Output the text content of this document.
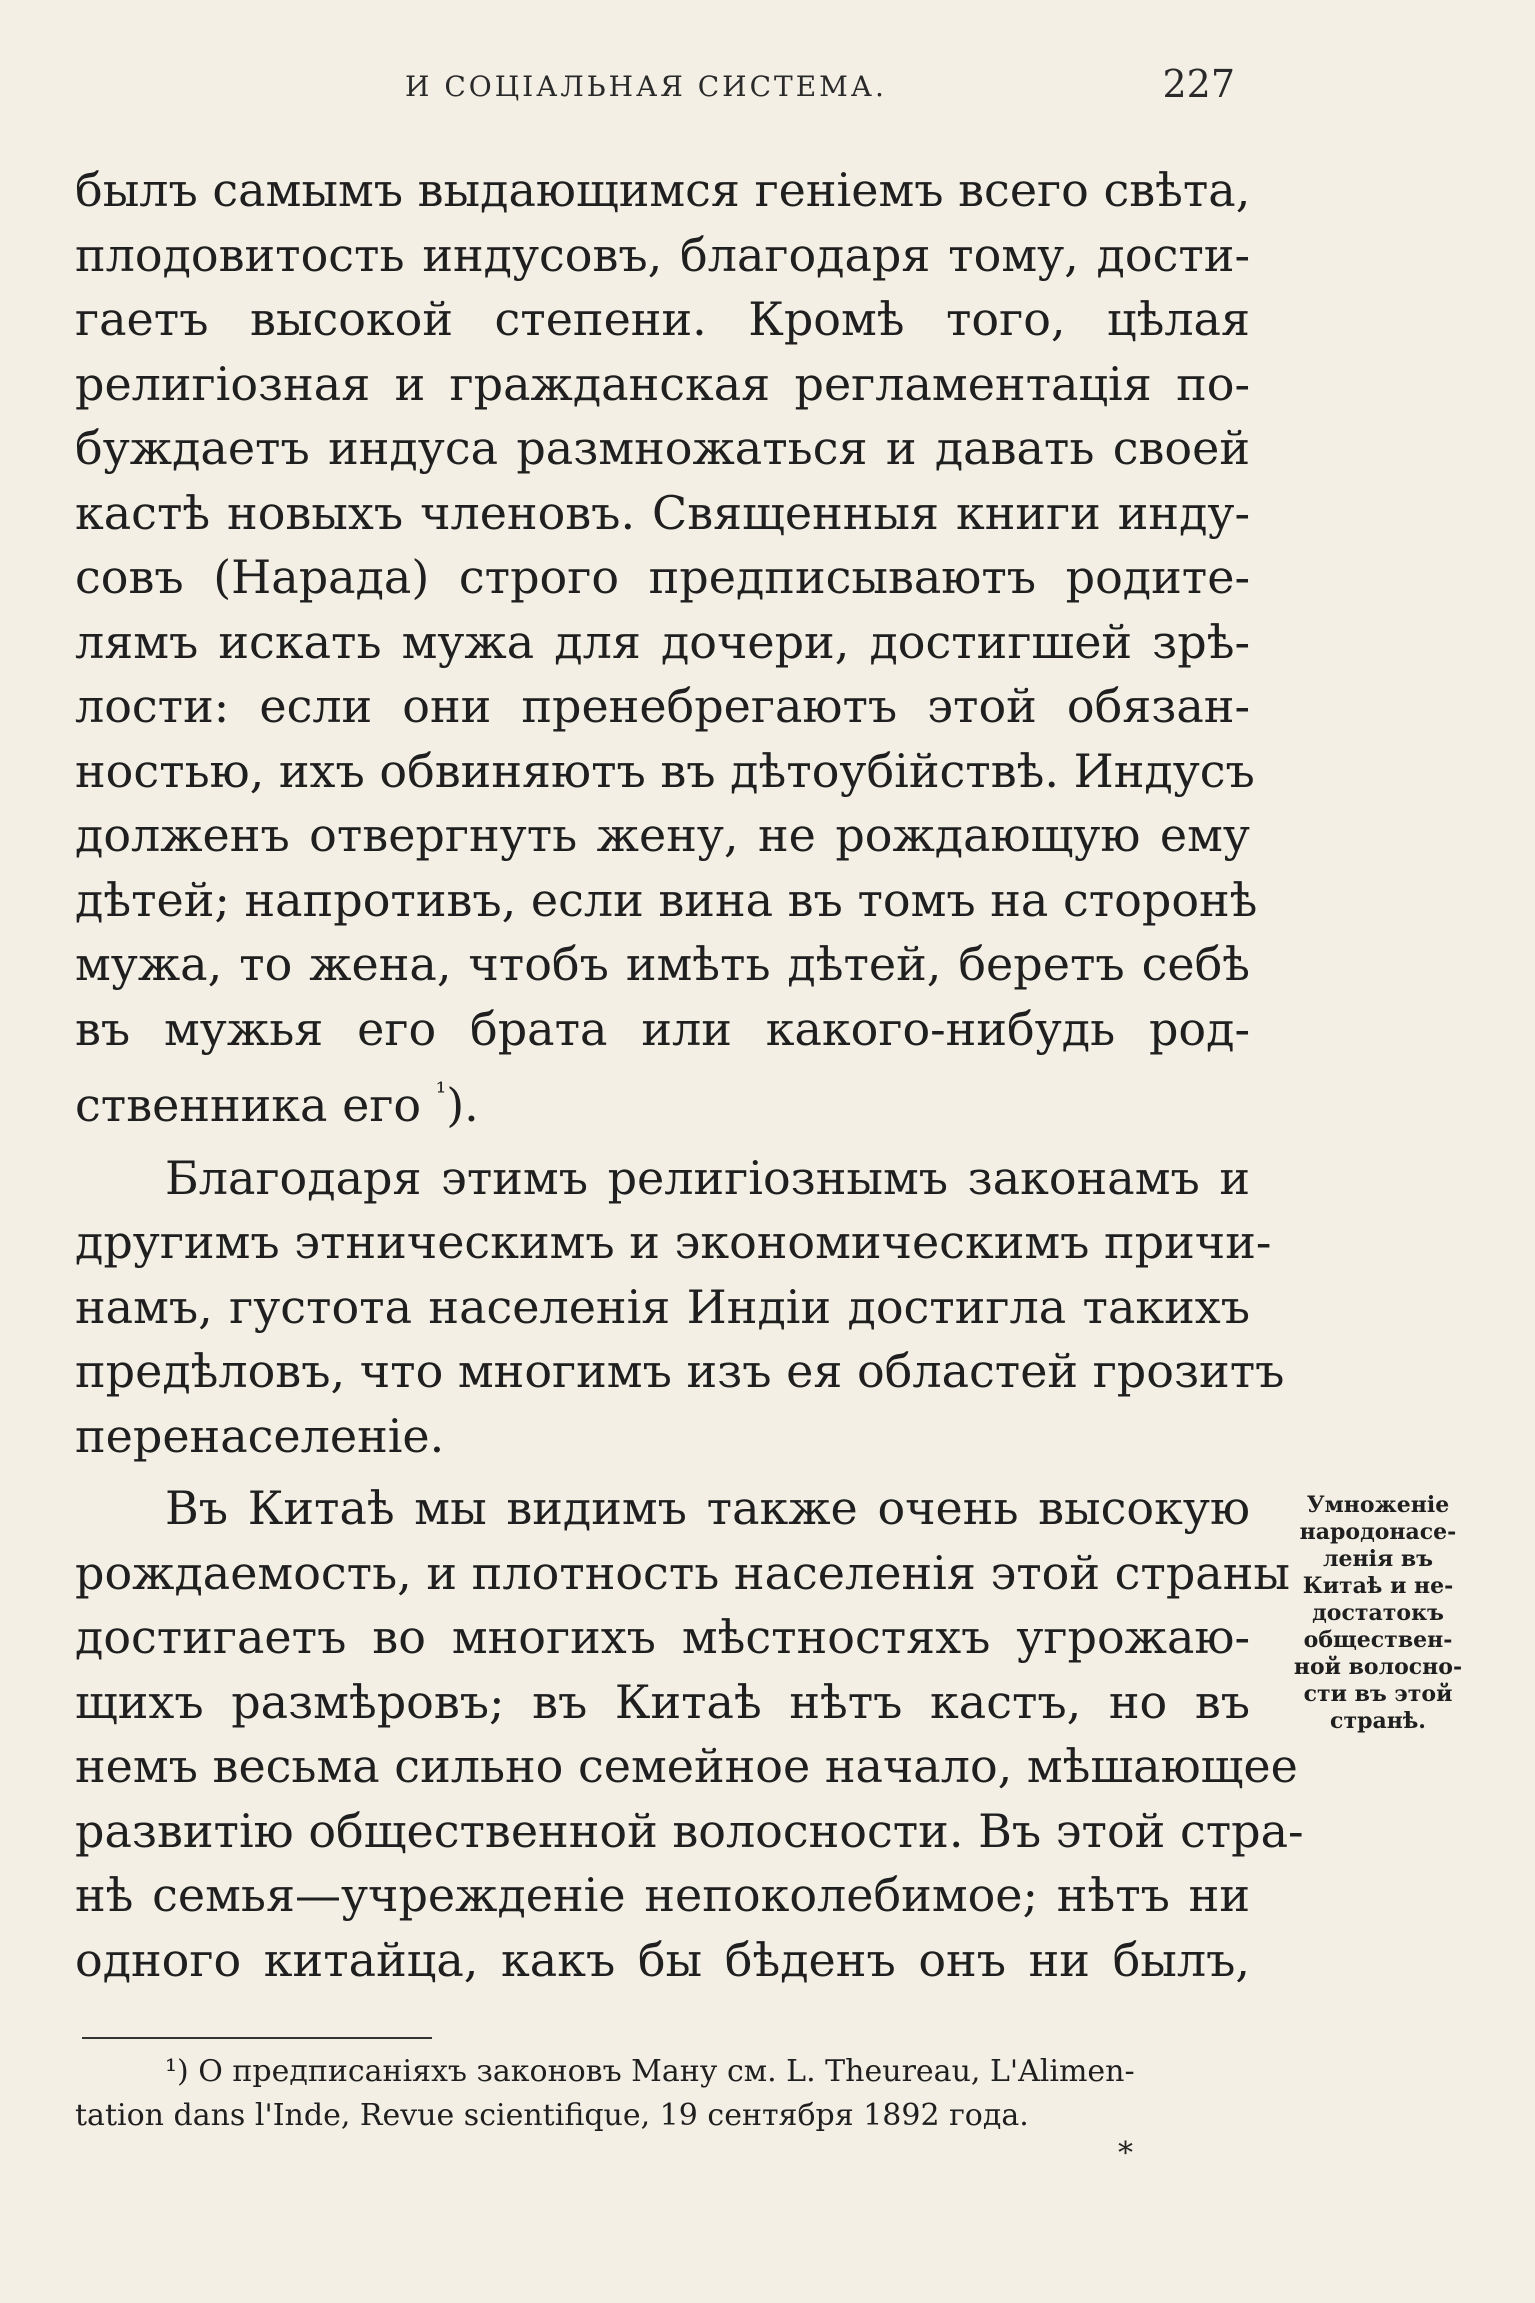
И СОЦІАЛЬНАЯ СИСТЕМА.	227
былъ самымъ выдающимся геніемъ всего свѣта,
плодовитость индусовъ, благодаря тому, дости-
гаетъ высокой степени. Кромѣ того, цѣлая
религіозная и гражданская регламентація по-
буждаетъ индуса размножаться и давать своей
кастѣ новыхъ членовъ. Священныя книги инду-
совъ (Нарада) строго предписываютъ родите-
лямъ искать мужа для дочери, достигшей зрѣ-
лости: если они пренебрегаютъ этой обязан-
ностью, ихъ обвиняютъ въ дѣтоубійствѣ. Индусъ
долженъ отвергнуть жену, не рождающую ему
дѣтей; напротивъ, если вина въ томъ на сторонѣ
мужа, то жена, чтобъ имѣть дѣтей, беретъ себѣ
въ мужья его брата или какого-нибудь род-
ственника его $^{^1}$).
Благодаря этимъ религіознымъ законамъ и
другимъ этническимъ и экономическимъ причи-
намъ, густота населенія Индіи достигла такихъ
предѣловъ, что многимъ изъ ея областей грозитъ
перенаселеніе.
Въ Китаѣ мы видимъ также очень высокую
рождаемость, и плотность населенія этой страны
достигаетъ во многихъ мѣстностяхъ угрожаю-
щихъ размѣровъ; въ Китаѣ нѣтъ кастъ, но въ
немъ весьма сильно семейное начало, мѣшающее
развитію общественной волосности. Въ этой стра-
нѣ семья—учрежденіе непоколебимое; нѣтъ ни
одного китайца, какъ бы бѣденъ онъ ни былъ,
Умноженіе
народонасе-
ленія въ
Китаѣ и не-
достатокъ
обществен-
ной волосно-
сти въ этой
странѣ.
¹) О предписаніяхъ законовъ Ману см. L. Theureau, L'Alimen-
tation dans l'Inde, Revue scientifique, 19 сентября 1892 года.
*
